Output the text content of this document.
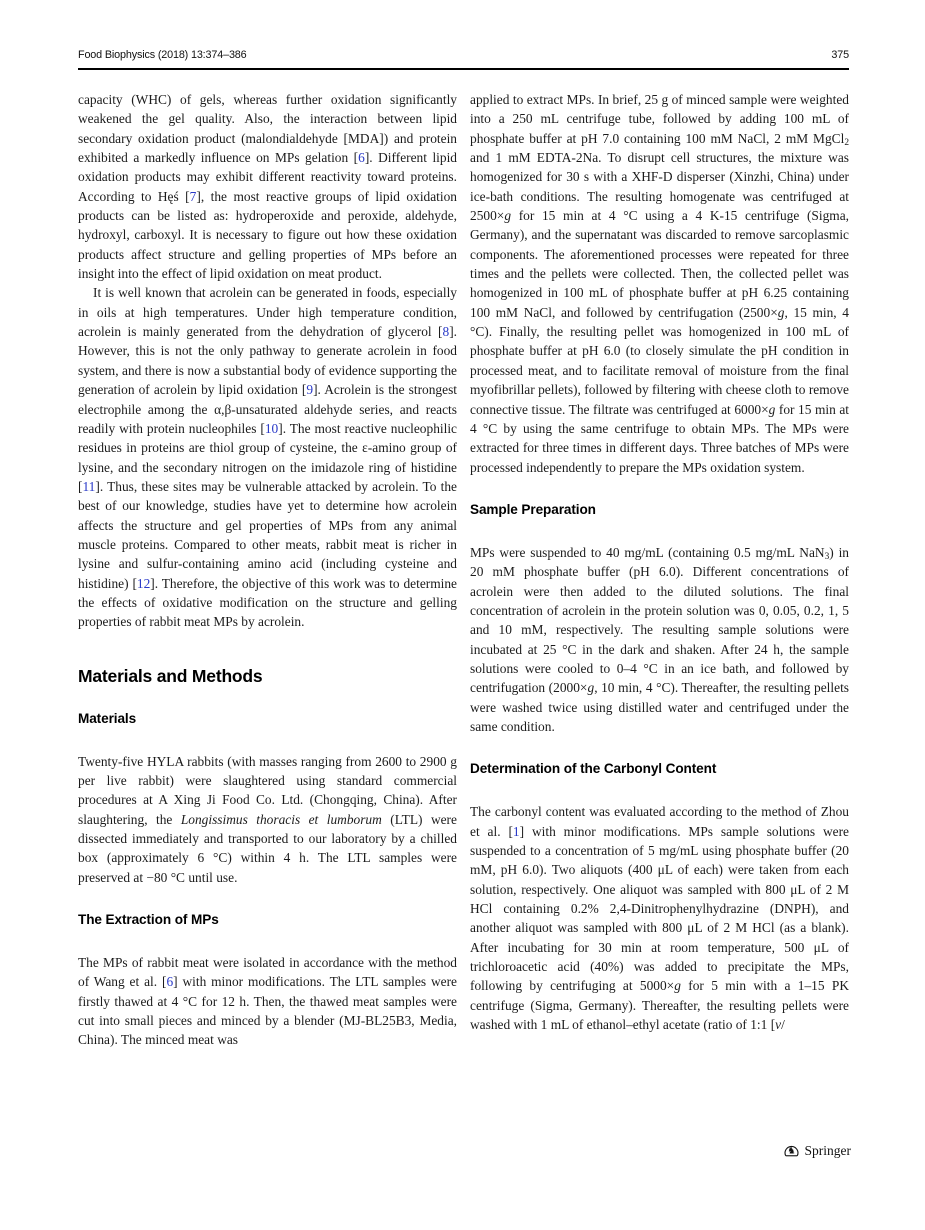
Food Biophysics (2018) 13:374–386	375

capacity (WHC) of gels, whereas further oxidation significantly weakened the gel quality. Also, the interaction between lipid secondary oxidation product (malondialdehyde [MDA]) and protein exhibited a markedly influence on MPs gelation [6]. Different lipid oxidation products may exhibit different reactivity toward proteins. According to Hęś [7], the most reactive groups of lipid oxidation products can be listed as: hydroperoxide and peroxide, aldehyde, hydroxyl, carboxyl. It is necessary to figure out how these oxidation products affect structure and gelling properties of MPs before an insight into the effect of lipid oxidation on meat product.

It is well known that acrolein can be generated in foods, especially in oils at high temperatures. Under high temperature condition, acrolein is mainly generated from the dehydration of glycerol [8]. However, this is not the only pathway to generate acrolein in food system, and there is now a substantial body of evidence supporting the generation of acrolein by lipid oxidation [9]. Acrolein is the strongest electrophile among the α,β-unsaturated aldehyde series, and reacts readily with protein nucleophiles [10]. The most reactive nucleophilic residues in proteins are thiol group of cysteine, the ε-amino group of lysine, and the secondary nitrogen on the imidazole ring of histidine [11]. Thus, these sites may be vulnerable attacked by acrolein. To the best of our knowledge, studies have yet to determine how acrolein affects the structure and gel properties of MPs from any animal muscle proteins. Compared to other meats, rabbit meat is richer in lysine and sulfur-containing amino acid (including cysteine and histidine) [12]. Therefore, the objective of this work was to determine the effects of oxidative modification on the structure and gelling properties of rabbit meat MPs by acrolein.

Materials and Methods
Materials

Twenty-five HYLA rabbits (with masses ranging from 2600 to 2900 g per live rabbit) were slaughtered using standard commercial procedures at A Xing Ji Food Co. Ltd. (Chongqing, China). After slaughtering, the Longissimus thoracis et lumborum (LTL) were dissected immediately and transported to our laboratory by a chilled box (approximately 6 °C) within 4 h. The LTL samples were preserved at −80 °C until use.

The Extraction of MPs

The MPs of rabbit meat were isolated in accordance with the method of Wang et al. [6] with minor modifications. The LTL samples were firstly thawed at 4 °C for 12 h. Then, the thawed meat samples were cut into small pieces and minced by a blender (MJ-BL25B3, Media, China). The minced meat was

applied to extract MPs. In brief, 25 g of minced sample were weighted into a 250 mL centrifuge tube, followed by adding 100 mL of phosphate buffer at pH 7.0 containing 100 mM NaCl, 2 mM MgCl$_2$ and 1 mM EDTA-2Na. To disrupt cell structures, the mixture was homogenized for 30 s with a XHF-D disperser (Xinzhi, China) under ice-bath conditions. The resulting homogenate was centrifuged at 2500×g for 15 min at 4 °C using a 4 K-15 centrifuge (Sigma, Germany), and the supernatant was discarded to remove sarcoplasmic components. The aforementioned processes were repeated for three times and the pellets were collected. Then, the collected pellet was homogenized in 100 mL of phosphate buffer at pH 6.25 containing 100 mM NaCl, and followed by centrifugation (2500×g, 15 min, 4 °C). Finally, the resulting pellet was homogenized in 100 mL of phosphate buffer at pH 6.0 (to closely simulate the pH condition in processed meat, and to facilitate removal of moisture from the final myofibrillar pellets), followed by filtering with cheese cloth to remove connective tissue. The filtrate was centrifuged at 6000×g for 15 min at 4 °C by using the same centrifuge to obtain MPs. The MPs were extracted for three times in different days. Three batches of MPs were processed independently to prepare the MPs oxidation system.

Sample Preparation

MPs were suspended to 40 mg/mL (containing 0.5 mg/mL NaN$_3$) in 20 mM phosphate buffer (pH 6.0). Different concentrations of acrolein were then added to the diluted solutions. The final concentration of acrolein in the protein solution was 0, 0.05, 0.2, 1, 5 and 10 mM, respectively. The resulting sample solutions were incubated at 25 °C in the dark and shaken. After 24 h, the sample solutions were cooled to 0–4 °C in an ice bath, and followed by centrifugation (2000×g, 10 min, 4 °C). Thereafter, the resulting pellets were washed twice using distilled water and centrifuged under the same condition.

Determination of the Carbonyl Content

The carbonyl content was evaluated according to the method of Zhou et al. [1] with minor modifications. MPs sample solutions were suspended to a concentration of 5 mg/mL using phosphate buffer (20 mM, pH 6.0). Two aliquots (400 μL of each) were taken from each solution, respectively. One aliquot was sampled with 800 μL of 2 M HCl containing 0.2% 2,4-Dinitrophenylhydrazine (DNPH), and another aliquot was sampled with 800 μL of 2 M HCl (as a blank). After incubating for 30 min at room temperature, 500 μL of trichloroacetic acid (40%) was added to precipitate the MPs, following by centrifuging at 5000×g for 5 min with a 1–15 PK centrifuge (Sigma, Germany). Thereafter, the resulting pellets were washed with 1 mL of ethanol–ethyl acetate (ratio of 1:1 [v/

♞ Springer
